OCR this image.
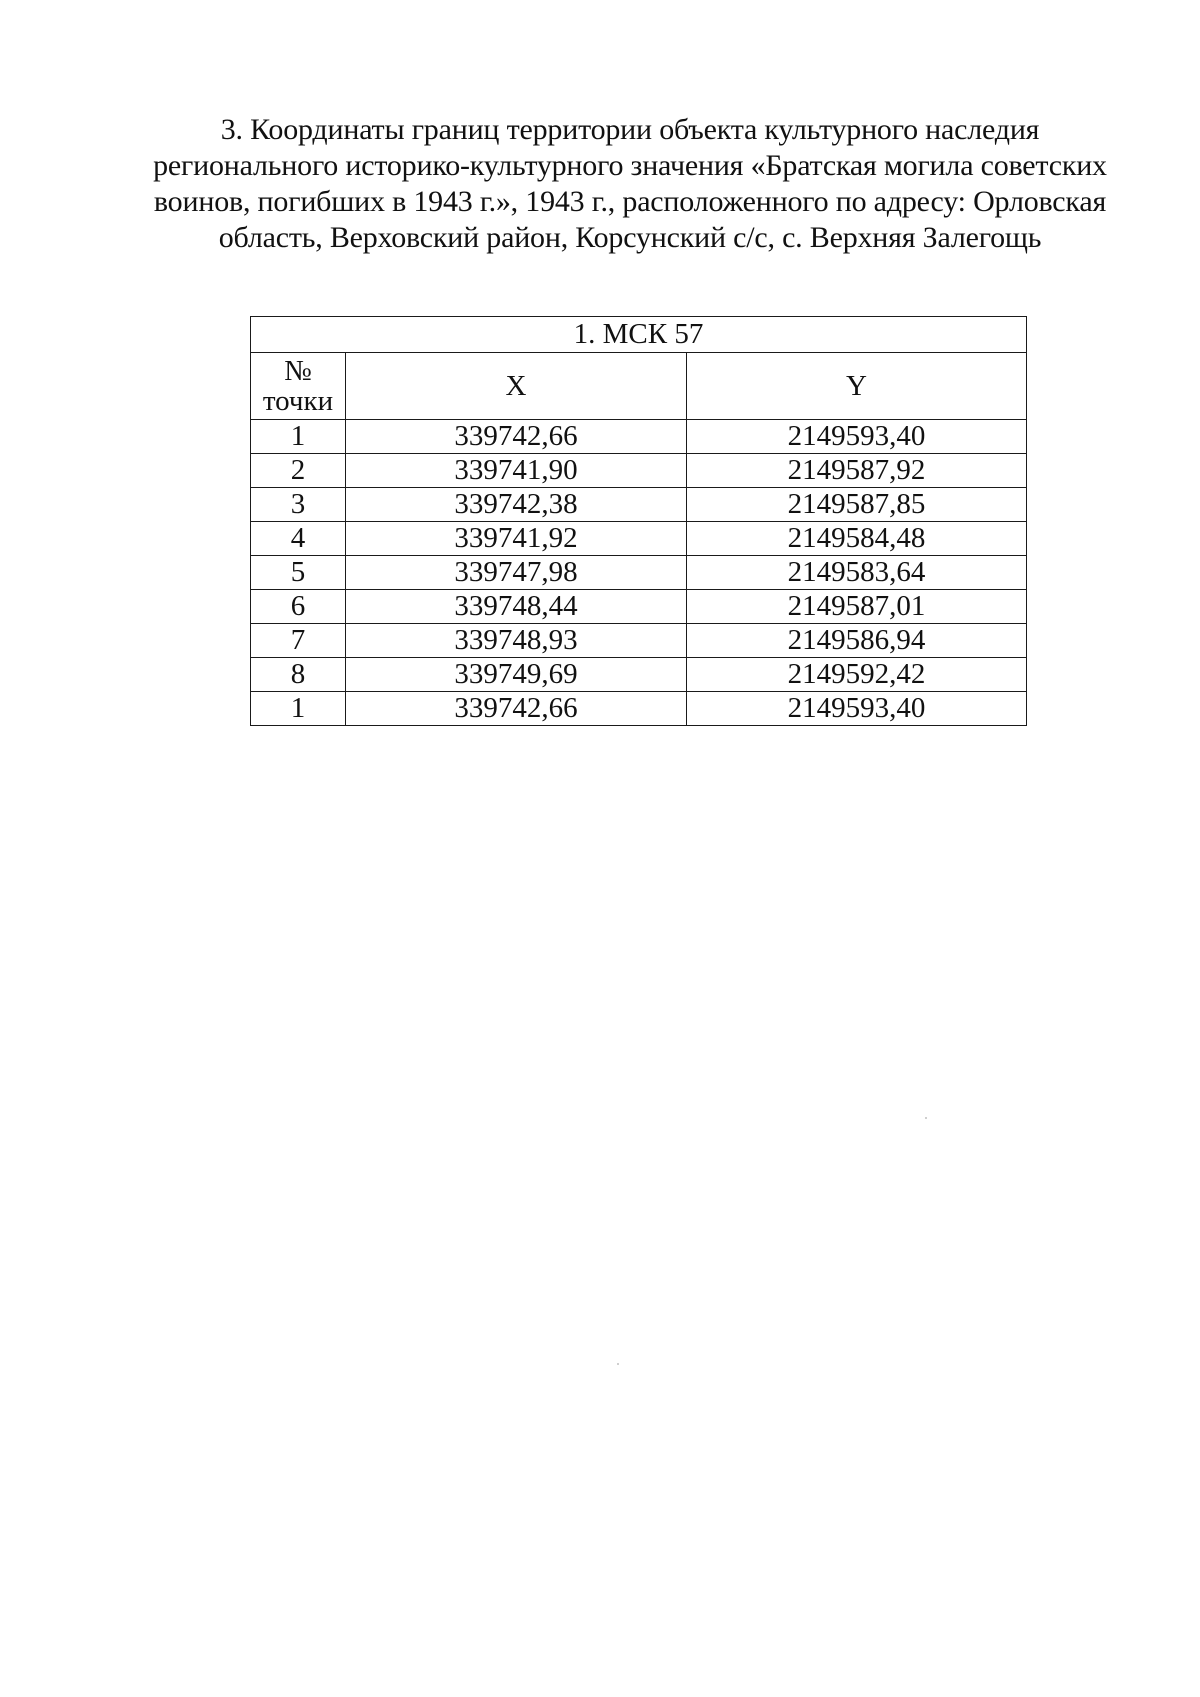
3. Координаты границ территории объекта культурного наследия
регионального историко-культурного значения «Братская могила советских
воинов, погибших в 1943 г.», 1943 г., расположенного по адресу: Орловская
область, Верховский район, Корсунский с/с, с. Верхняя Залегощь
1. МСК 57		
№
точки	X	Y
1	339742,66	2149593,40
2	339741,90	2149587,92
3	339742,38	2149587,85
4	339741,92	2149584,48
5	339747,98	2149583,64
6	339748,44	2149587,01
7	339748,93	2149586,94
8	339749,69	2149592,42
1	339742,66	2149593,40
